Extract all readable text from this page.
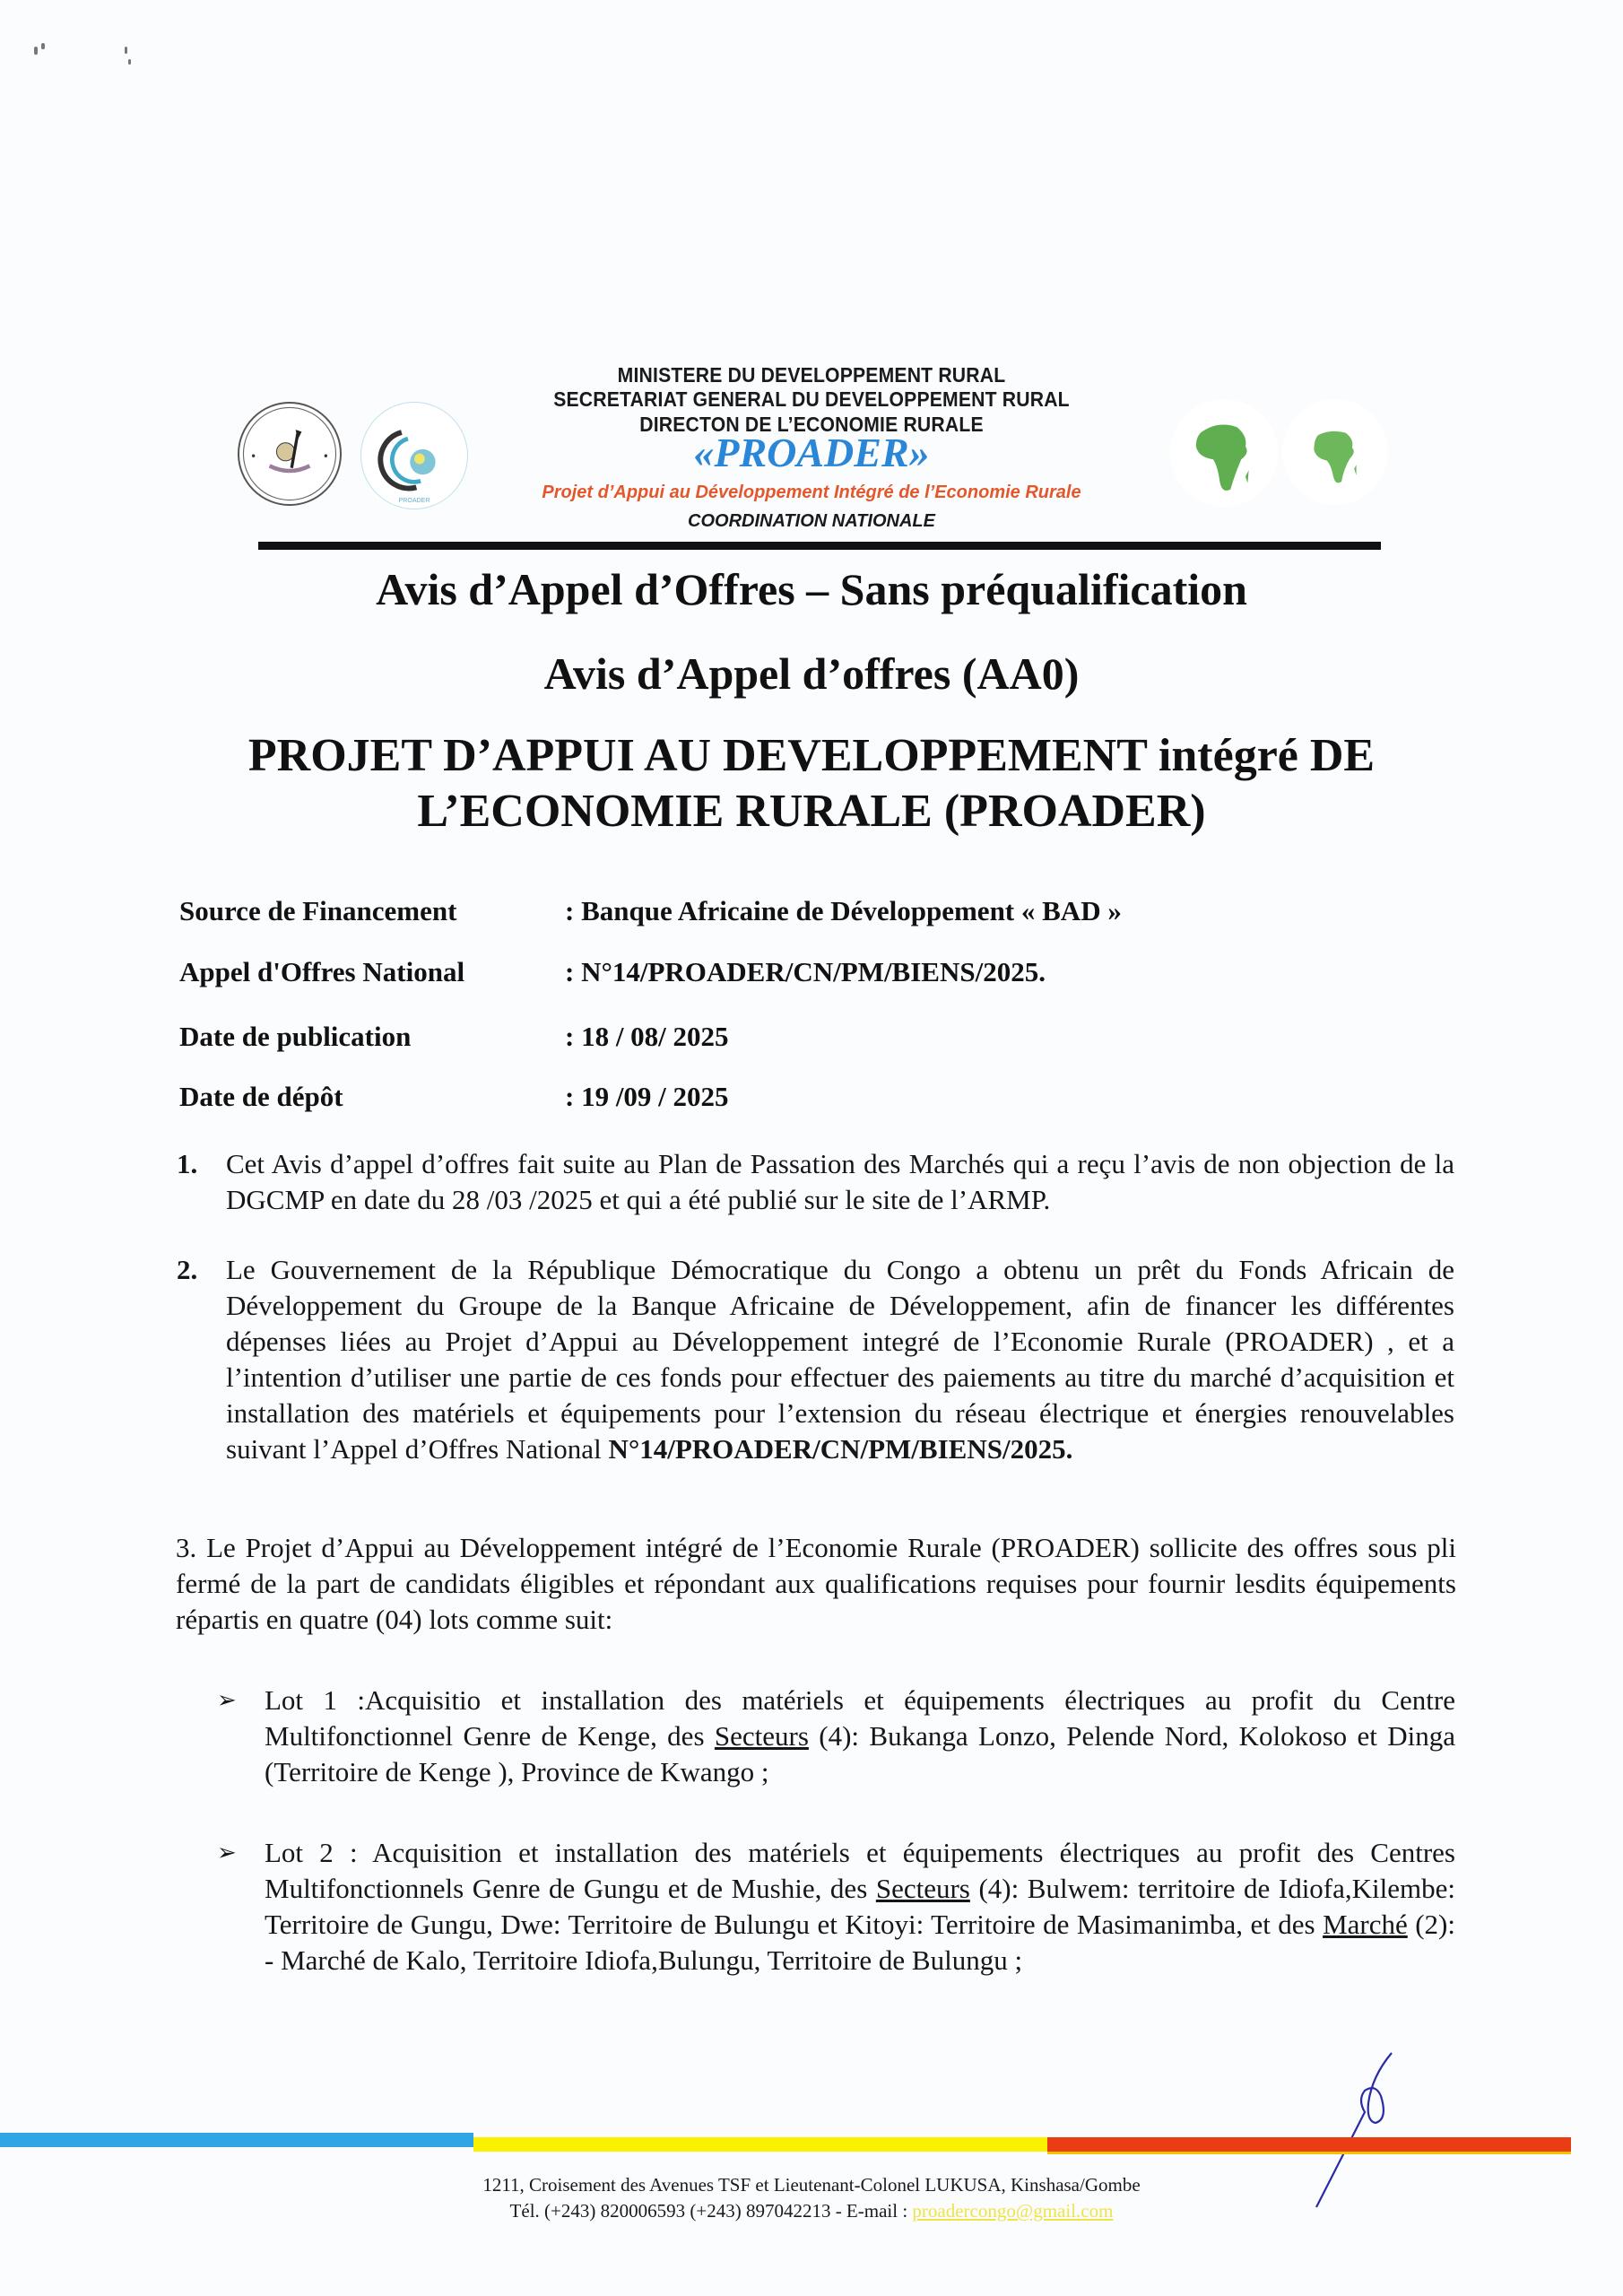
PROADER
MINISTERE DU DEVELOPPEMENT RURAL
SECRETARIAT GENERAL DU DEVELOPPEMENT RURAL
DIRECTON DE L’ECONOMIE RURALE
«PROADER»
Projet d’Appui au Développement Intégré de l’Economie Rurale
COORDINATION NATIONALE
Avis d’Appel d’Offres – Sans préqualification
Avis d’Appel d’offres (AA0)
PROJET D’APPUI AU DEVELOPPEMENT intégré DE
L’ECONOMIE RURALE (PROADER)
Source de Financement	: Banque Africaine de Développement « BAD »
Appel d'Offres National	: N°14/PROADER/CN/PM/BIENS/2025.
Date de publication	: 18 / 08/ 2025
Date de dépôt	: 19 /09 / 2025
1. Cet Avis d’appel d’offres fait suite au Plan de Passation des Marchés qui a reçu l’avis de non objection de la DGCMP en date du 28 /03 /2025 et qui a été publié sur le site de l’ARMP.
2. Le Gouvernement de la République Démocratique du Congo a obtenu un prêt du Fonds Africain de Développement du Groupe de la Banque Africaine de Développement, afin de financer les différentes dépenses liées au Projet d’Appui au Développement integré de l’Economie Rurale (PROADER) , et a l’intention d’utiliser une partie de ces fonds pour effectuer des paiements au titre du marché d’acquisition et installation des matériels et équipements pour l’extension du réseau électrique et énergies renouvelables suivant l’Appel d’Offres National N°14/PROADER/CN/PM/BIENS/2025.
3. Le Projet d’Appui au Développement intégré de l’Economie Rurale (PROADER) sollicite des offres sous pli fermé de la part de candidats éligibles et répondant aux qualifications requises pour fournir lesdits équipements répartis en quatre (04) lots comme suit:
➢ Lot 1 :Acquisitio et installation des matériels et équipements électriques au profit du Centre Multifonctionnel Genre de Kenge, des Secteurs (4): Bukanga Lonzo, Pelende Nord, Kolokoso et Dinga (Territoire de Kenge ), Province de Kwango ;
➢ Lot 2 : Acquisition et installation des matériels et équipements électriques au profit des Centres Multifonctionnels Genre de Gungu et de Mushie, des Secteurs (4): Bulwem: territoire de Idiofa,Kilembe: Territoire de Gungu, Dwe: Territoire de Bulungu et Kitoyi: Territoire de Masimanimba, et des Marché (2): - Marché de Kalo, Territoire Idiofa,Bulungu, Territoire de Bulungu ;
1211, Croisement des Avenues TSF et Lieutenant-Colonel LUKUSA, Kinshasa/Gombe
Tél. (+243) 820006593 (+243) 897042213 - E-mail : proadercongo@gmail.com
